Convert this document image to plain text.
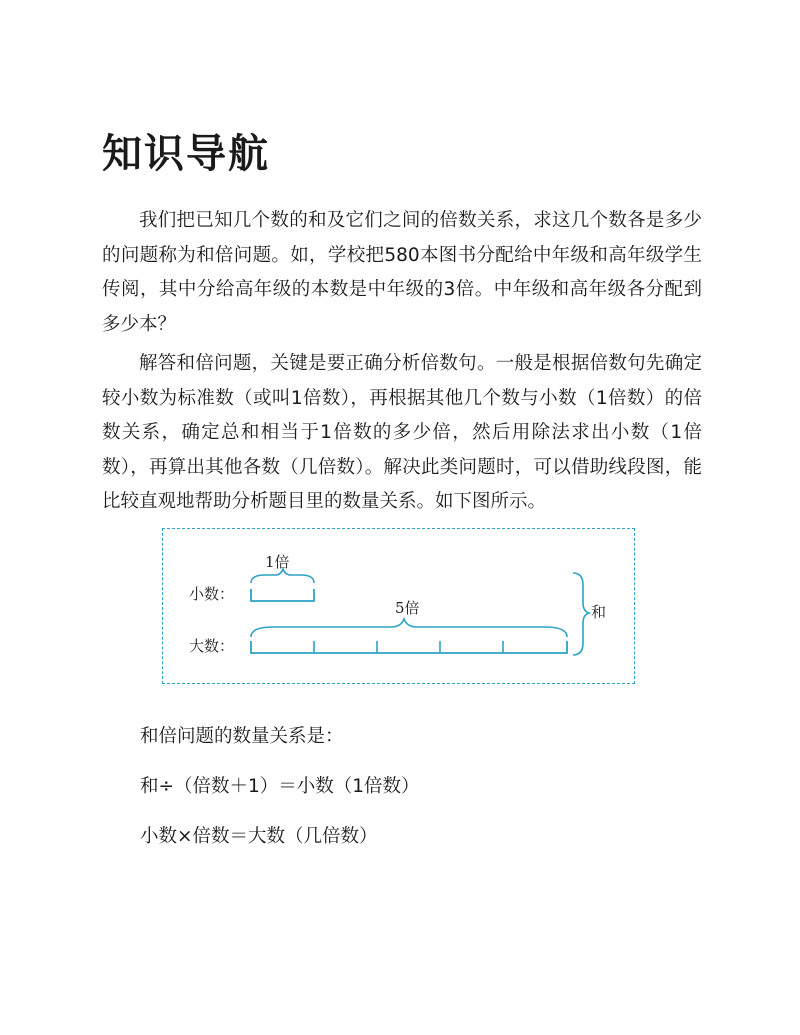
知识导航
我们把已知几个数的和及它们之间的倍数关系，求这几个数各是多少的问题称为和倍问题。如，学校把580本图书分配给中年级和高年级学生传阅，其中分给高年级的本数是中年级的3倍。中年级和高年级各分配到多少本？
解答和倍问题，关键是要正确分析倍数句。一般是根据倍数句先确定较小数为标准数（或叫1倍数），再根据其他几个数与小数（1倍数）的倍数关系，确定总和相当于1倍数的多少倍，然后用除法求出小数（1倍数），再算出其他各数（几倍数）。解决此类问题时，可以借助线段图，能比较直观地帮助分析题目里的数量关系。如下图所示。
小数：
大数：
1倍
5倍	和
和倍问题的数量关系是：
和÷（倍数＋1）＝小数（1倍数）
小数×倍数＝大数（几倍数）
